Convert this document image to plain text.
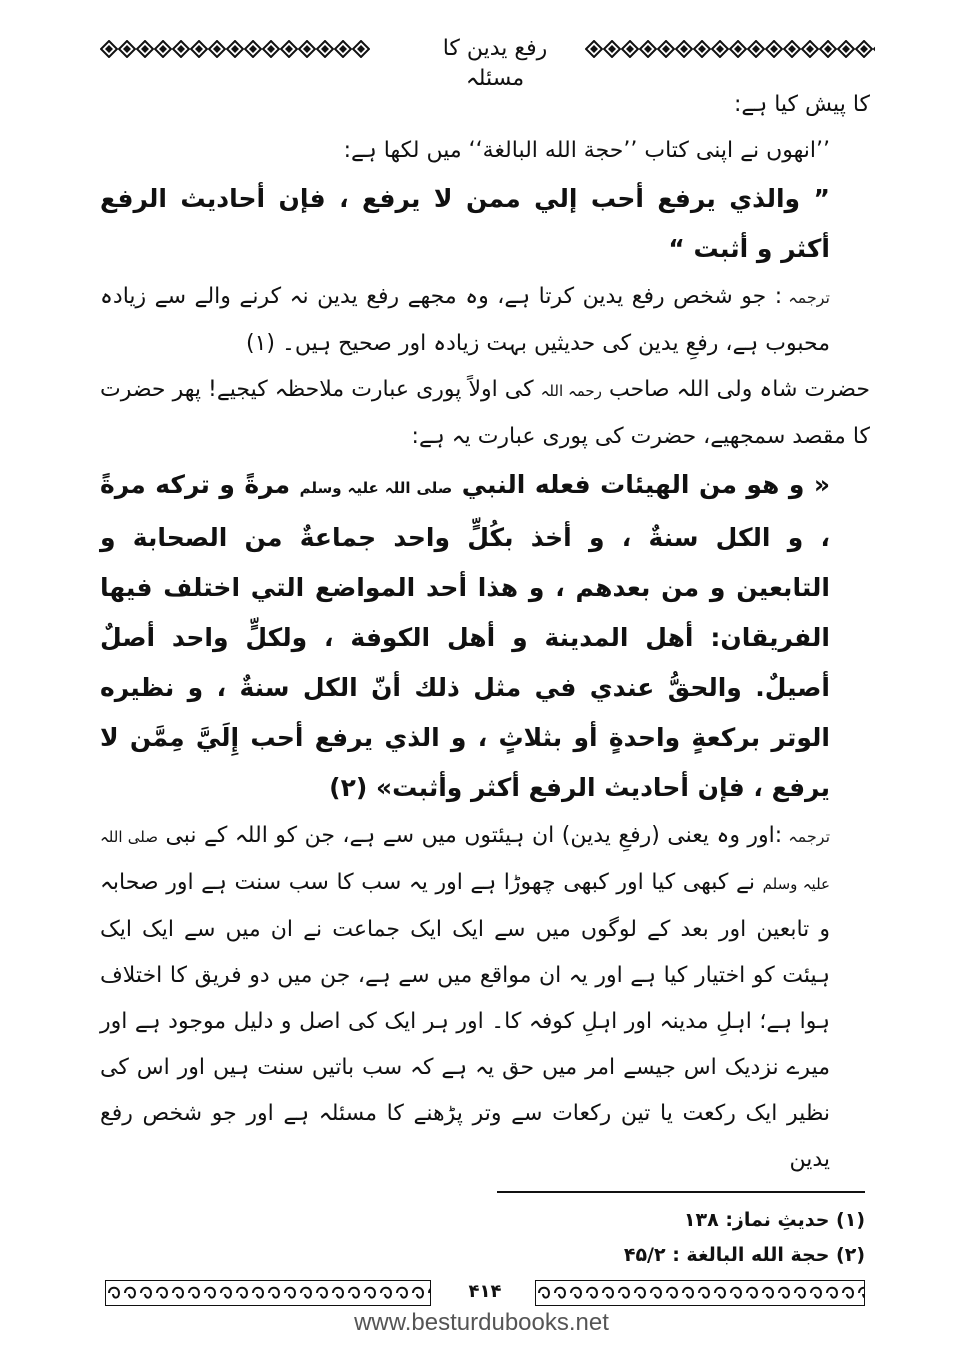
رفع یدین کا مسئلہ

کا پیش کیا ہے:

’’انھوں نے اپنی کتاب ’’حجة الله البالغة‘‘ میں لکھا ہے:

” والذي يرفع أحب إلي ممن لا يرفع ، فإن أحاديث الرفع أكثر و أثبت “

ترجمہ: جو شخص رفع یدین کرتا ہے، وہ مجھے رفع یدین نہ کرنے والے سے زیادہ محبوب ہے، رفعِ یدین کی حدیثیں بہت زیادہ اور صحیح ہیں۔ (۱)

حضرت شاہ ولی اللہ صاحب رحمہ اللہ کی اولاً پوری عبارت ملاحظہ کیجیے! پھر حضرت کا مقصد سمجھیے، حضرت کی پوری عبارت یہ ہے:

« و هو من الهيئات فعله النبي صلی اللہ علیہ وسلم مرةً و تركه مرةً ، و الكل سنةٌ ، و أخذ بكُلٍّ واحد جماعةٌ من الصحابة و التابعين و من بعدهم ، و هذا أحد المواضع التي اختلف فيها الفريقان: أهل المدينة و أهل الكوفة ، ولكلٍّ واحد أصلٌ أصيلٌ. والحقُّ عندي في مثل ذلك أنّ الكل سنةٌ ، و نظيره الوتر بركعةٍ واحدةٍ أو بثلاثٍ ، و الذي يرفع أحب إِلَيَّ مِمَّن لا يرفع ، فإن أحاديث الرفع أكثر وأثبت» (۲)

ترجمہ:اور وہ یعنی (رفعِ یدین) ان ہیئتوں میں سے ہے، جن کو اللہ کے نبی صلی اللہ علیہ وسلم نے کبھی کیا اور کبھی چھوڑا ہے اور یہ سب کا سب سنت ہے اور صحابہ و تابعین اور بعد کے لوگوں میں سے ایک ایک جماعت نے ان میں سے ایک ایک ہیئت کو اختیار کیا ہے اور یہ ان مواقع میں سے ہے، جن میں دو فریق کا اختلاف ہوا ہے؛ اہلِ مدینہ اور اہلِ کوفہ کا۔ اور ہر ایک کی اصل و دلیل موجود ہے اور میرے نزدیک اس جیسے امر میں حق یہ ہے کہ سب باتیں سنت ہیں اور اس کی نظیر ایک رکعت یا تین رکعات سے وتر پڑھنے کا مسئلہ ہے اور جو شخص رفع یدین

(۱) حدیثِ نماز: ۱۳۸
(۲) حجة الله البالغة : ۴۵/۲
۴۱۴
www.besturdubooks.net
